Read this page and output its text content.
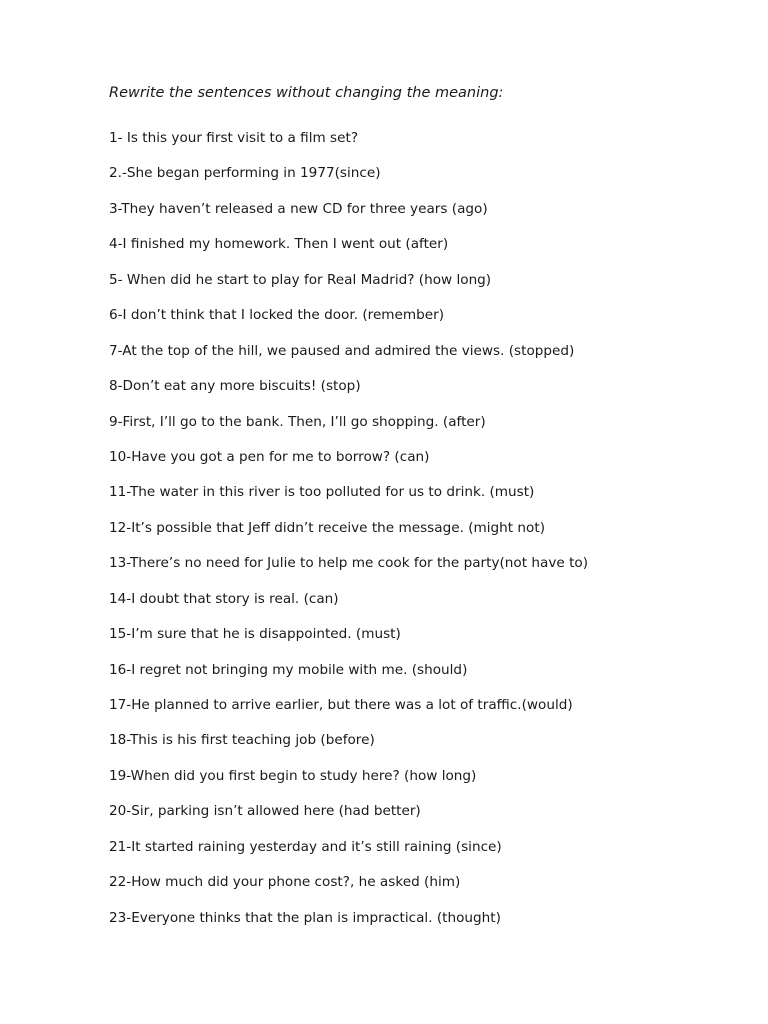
Rewrite the sentences without changing the meaning:
1- Is this your first visit to a film set?
2.-She began performing in 1977(since)
3-They haven’t released a new CD for three years (ago)
4-I finished my homework. Then I went out (after)
5- When did he start to play for Real Madrid? (how long)
6-I don’t think that I locked the door. (remember)
7-At the top of the hill, we paused and admired the views. (stopped)
8-Don’t eat any more biscuits! (stop)
9-First, I’ll go to the bank. Then, I’ll go shopping. (after)
10-Have you got a pen for me to borrow? (can)
11-The water in this river is too polluted for us to drink. (must)
12-It’s possible that Jeff didn’t receive the message. (might not)
13-There’s no need for Julie to help me cook for the party(not have to)
14-I doubt that story is real. (can)
15-I’m sure that he is disappointed. (must)
16-I regret not bringing my mobile with me. (should)
17-He planned to arrive earlier, but there was a lot of traffic.(would)
18-This is his first teaching job (before)
19-When did you first begin to study here? (how long)
20-Sir, parking isn’t allowed here (had better)
21-It started raining yesterday and it’s still raining (since)
22-How much did your phone cost?, he asked (him)
23-Everyone thinks that the plan is impractical. (thought)
